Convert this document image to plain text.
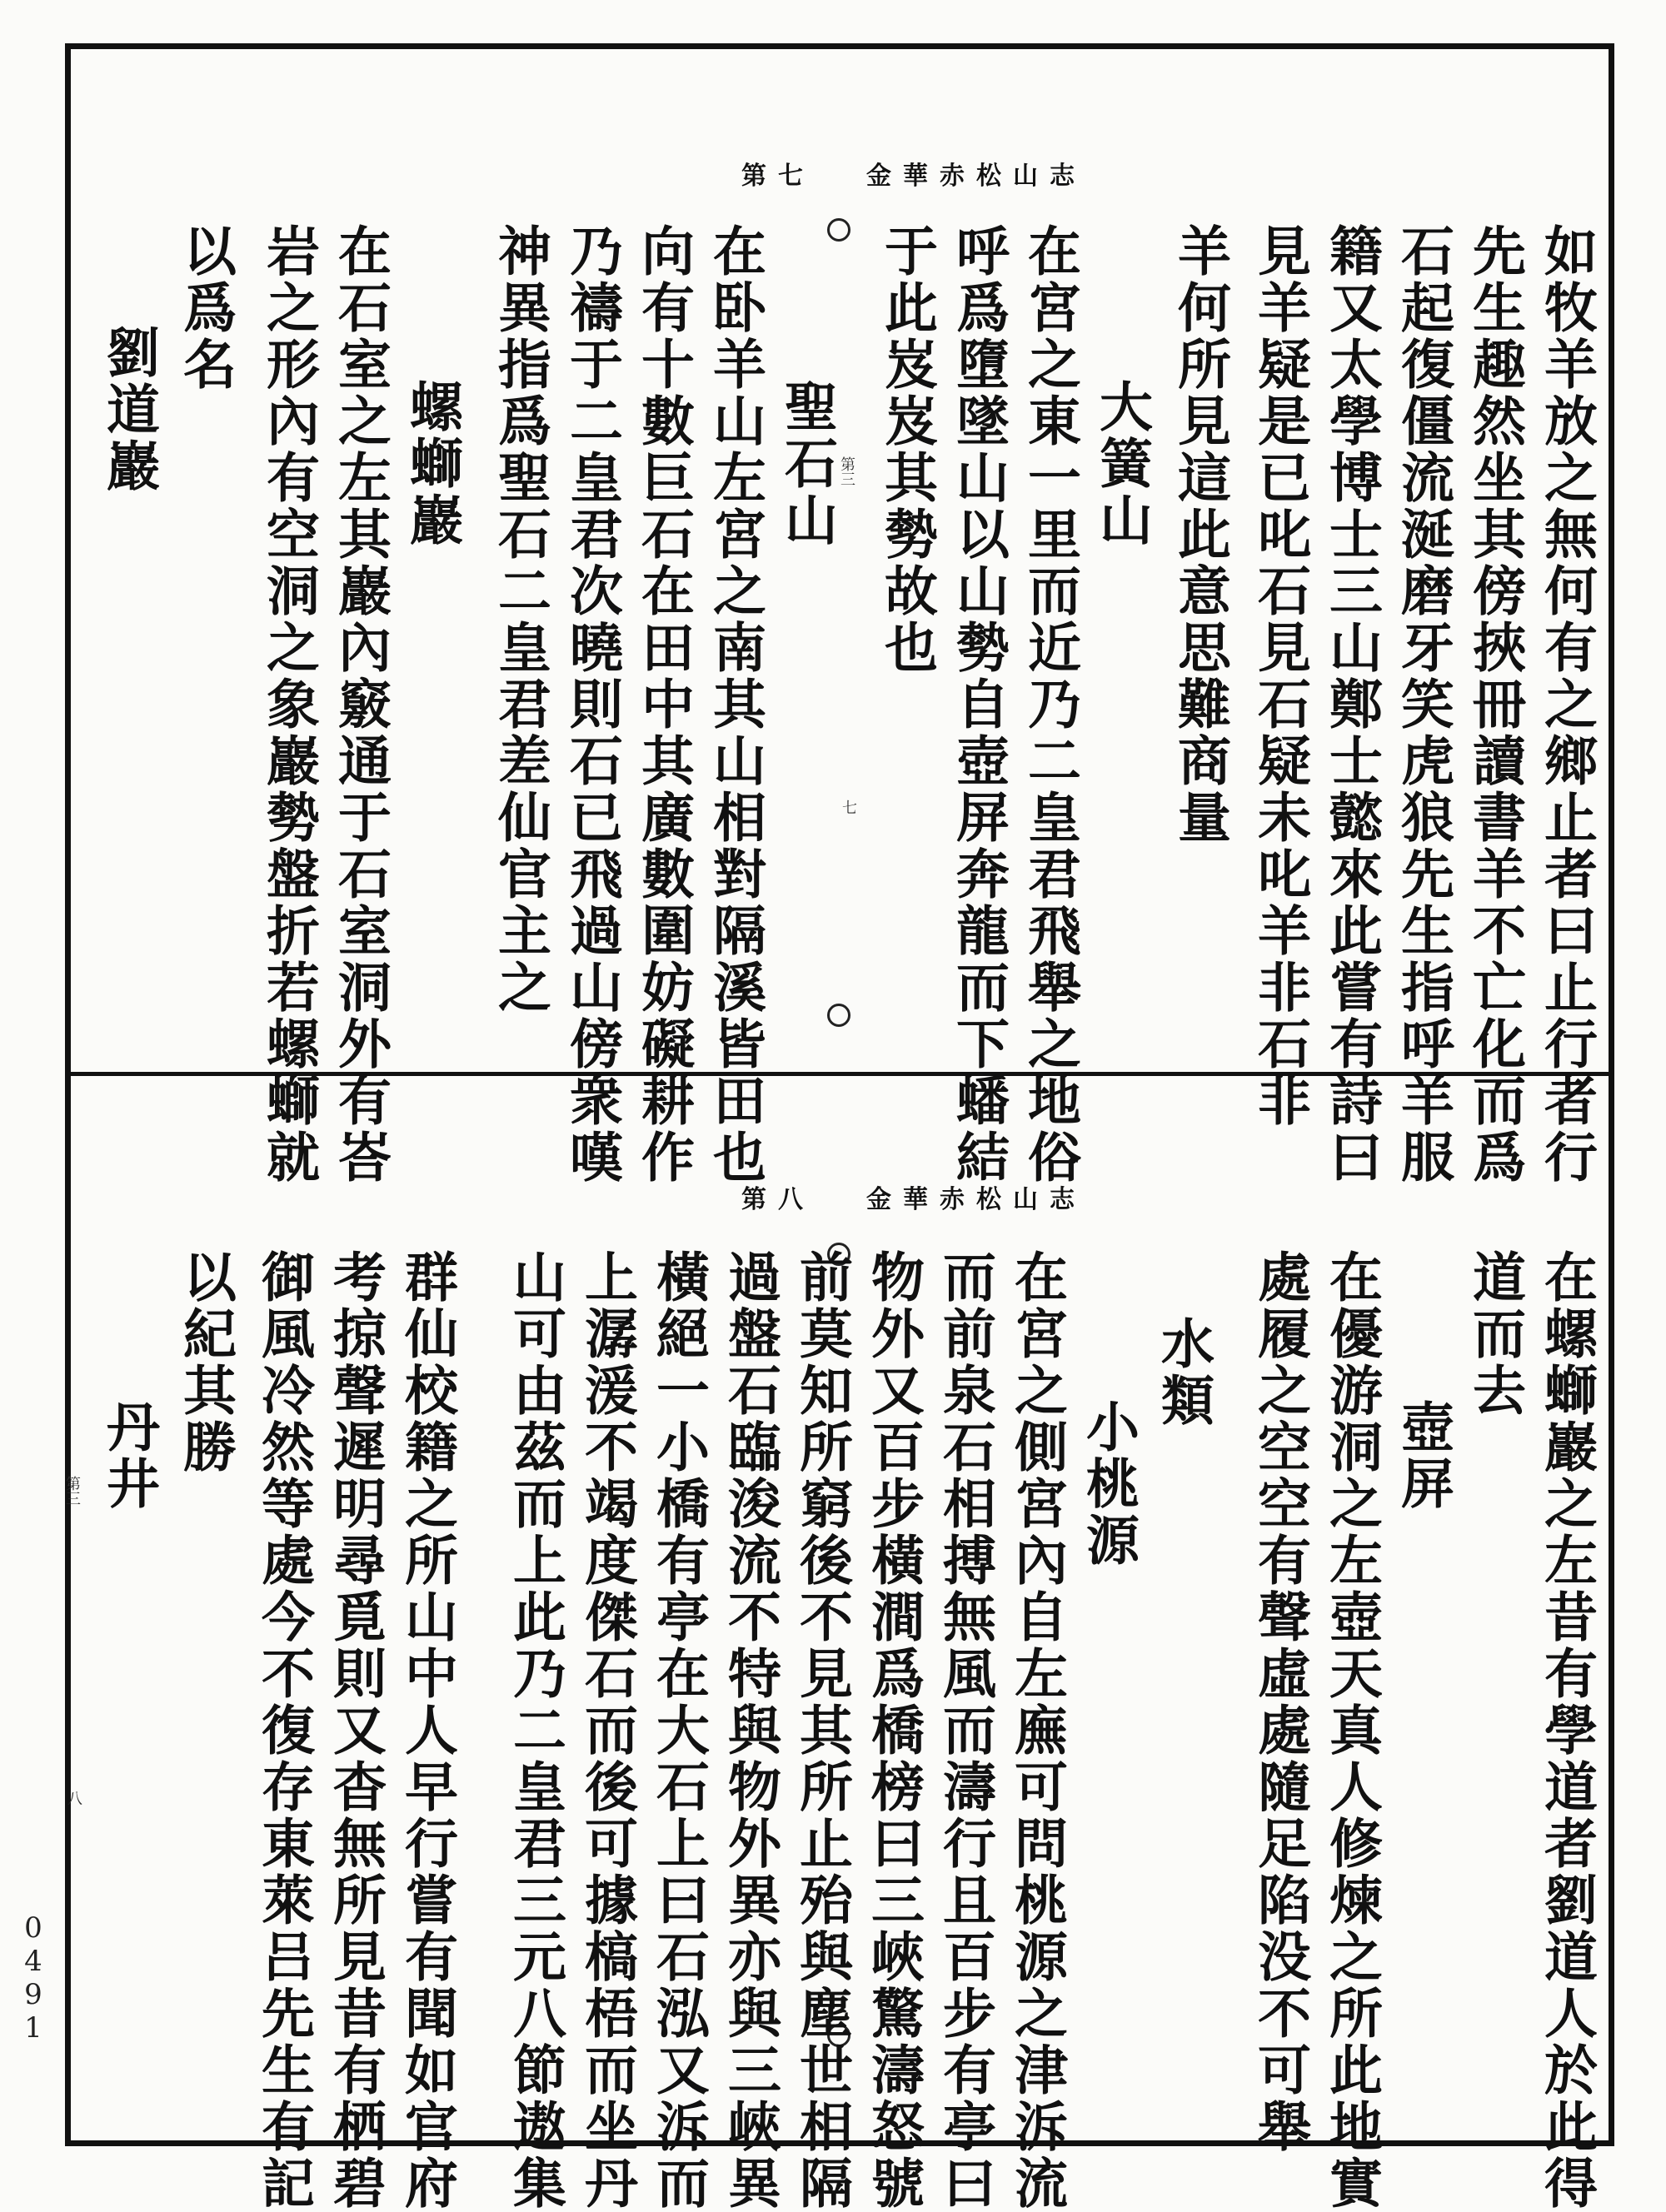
金華赤松山志
第七
第三
七	如牧羊放之無何有之鄉止者曰止行者行
先生趣然坐其傍挾冊讀書羊不亡化而爲
石起復僵流涎磨牙笑虎狼先生指呼羊服
籍又太學博士三山鄭士懿來此嘗有詩曰
見羊疑是已叱石見石疑未叱羊非石非
羊何所見這此意思難商量
大簧山
在宮之東一里而近乃二皇君飛舉之地俗
呼爲墮墜山以山勢自壺屏奔龍而下蟠結
于此岌岌其勢故也
聖石山
在卧羊山左宮之南其山相對隔溪皆田也
向有十數巨石在田中其廣數圍妨礙耕作
乃禱于二皇君次曉則石已飛過山傍衆嘆
神異指爲聖石二皇君差仙官主之
螺螄巖
在石室之左其巖內竅通于石室洞外有峇
岩之形內有空洞之象巖勢盤折若螺螄就
以爲名
劉道巖
金華赤松山志
第八
第三
八	在螺螄巖之左昔有學道者劉道人於此得
道而去
壺屏
在優游洞之左壺天真人修煉之所此地實
處履之空空有聲虛處隨足陷没不可舉
水類
小桃源
在宮之側宮內自左廡可問桃源之津泝流
而前泉石相搏無風而濤行且百步有亭曰
物外又百步橫澗爲橋榜曰三峽驚濤怒號
前莫知所窮後不見其所止殆與塵世相隔
過盤石臨浚流不特與物外異亦與三峽異
橫絕一小橋有亭在大石上曰石泓又泝而
上潺湲不竭度傑石而後可據槁梧而坐丹
山可由茲而上此乃二皇君三元八節遨集
群仙校籍之所山中人早行嘗有聞如官府
考掠聲遲明尋覓則又杳無所見昔有栖碧
御風冷然等處今不復存東萊吕先生有記
以紀其勝
丹井
0491
